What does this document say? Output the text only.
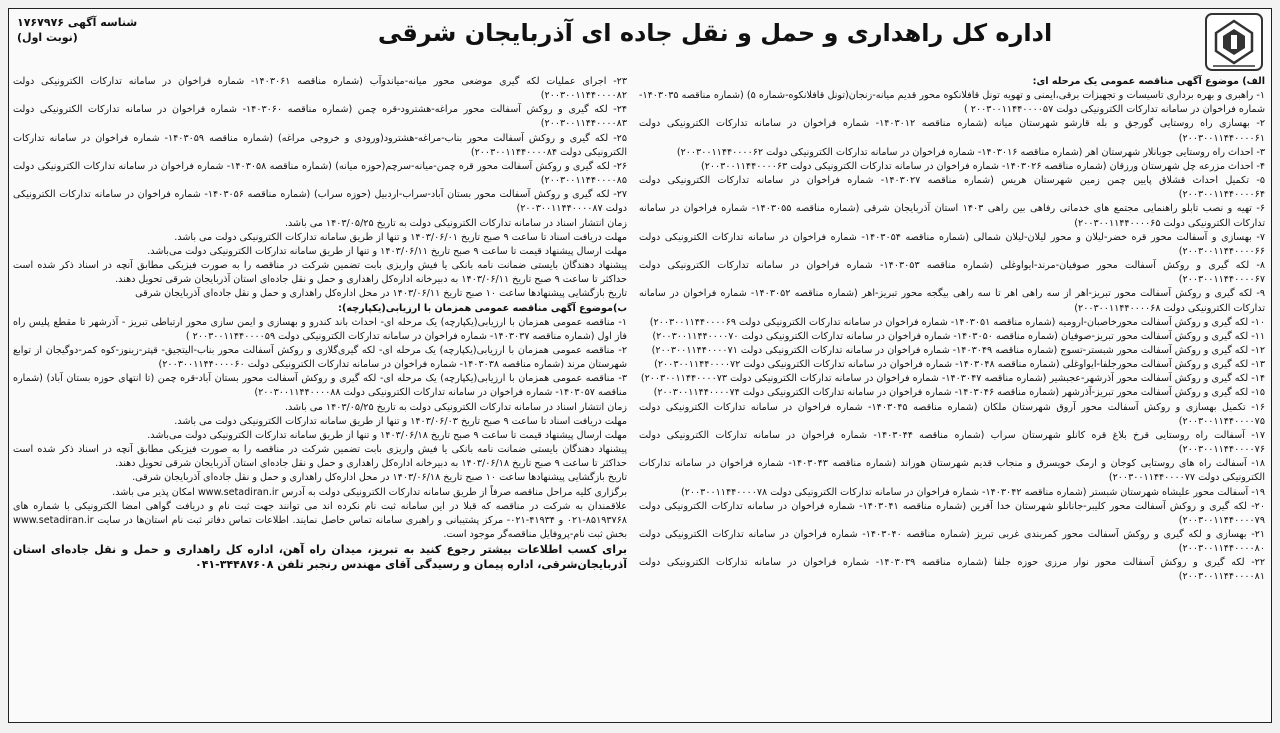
شناسه آگهی ۱۷۶۷۹۷۶
(نوبت اول)	اداره کل راهداری و حمل و نقل جاده ای آذربایجان شرقی

الف) موضوع آگهی مناقصه عمومی یک مرحله ای:

۱- راهبری و بهره برداری تاسیسات و تجهیزات برقی،ایمنی و تهویه تونل قافلانکوه محور قدیم میانه-زنجان(تونل قافلانکوه-شماره ۵) (شماره مناقصه ۱۴۰۳۰۳۵- شماره فراخوان در سامانه تدارکات الکترونیکی دولت ۲۰۰۳۰۰۱۱۴۴۰۰۰۰۵۷ )

۲- بهسازی راه روستایی گورجق و بله قارشو شهرستان میانه (شماره مناقصه ۱۴۰۳۰۱۲- شماره فراخوان در سامانه تدارکات الکترونیکی دولت ۲۰۰۳۰۰۱۱۴۴۰۰۰۰۶۱)

۳- احداث راه روستایی جوبانلار شهرستان اهر (شماره مناقصه ۱۴۰۳۰۱۶- شماره فراخوان در سامانه تدارکات الکترونیکی دولت ۲۰۰۳۰۰۱۱۴۴۰۰۰۰۶۲)

۴- احداث مزرعه چل شهرستان ورزقان (شماره مناقصه ۱۴۰۳۰۲۶- شماره فراخوان در سامانه تدارکات الکترونیکی دولت ۲۰۰۳۰۰۱۱۴۴۰۰۰۰۶۳)

۵- تکمیل احداث قشلاق پایین چمن زمین شهرستان هریس (شماره مناقصه ۱۴۰۳۰۲۷- شماره فراخوان در سامانه تدارکات الکترونیکی دولت ۲۰۰۳۰۰۱۱۴۴۰۰۰۰۶۴)

۶- تهیه و نصب تابلو راهنمایی مجتمع های خدماتی رفاهی بین راهی ۱۴۰۳ استان آذربایجان شرقی (شماره مناقصه ۱۴۰۳۰۵۵- شماره فراخوان در سامانه تدارکات الکترونیکی دولت ۲۰۰۳۰۰۱۱۴۴۰۰۰۰۶۵)

۷- بهسازی و آسفالت محور قره خضر-لیلان و محور لیلان-لیلان شمالی (شماره مناقصه ۱۴۰۳۰۵۴- شماره فراخوان در سامانه تدارکات الکترونیکی دولت ۲۰۰۳۰۰۱۱۴۴۰۰۰۰۶۶)

۸- لکه گیری و روکش آسفالت محور صوفیان-مرند-ایواوغلی (شماره مناقصه ۱۴۰۳۰۵۳- شماره فراخوان در سامانه تدارکات الکترونیکی دولت ۲۰۰۳۰۰۱۱۴۴۰۰۰۰۶۷)

۹- لکه گیری و روکش آسفالت محور تبریز-اهر از سه راهی اهر تا سه راهی بیگجه محور تبریز-اهر (شماره مناقصه ۱۴۰۳۰۵۲- شماره فراخوان در سامانه تدارکات الکترونیکی دولت ۲۰۰۳۰۰۱۱۴۴۰۰۰۰۶۸)

۱۰- لکه گیری و روکش آسفالت محورخاصبان-ارومیه (شماره مناقصه ۱۴۰۳۰۵۱- شماره فراخوان در سامانه تدارکات الکترونیکی دولت ۲۰۰۳۰۰۱۱۴۴۰۰۰۰۶۹)

۱۱- لکه گیری و روکش آسفالت محور تبریز-صوفیان (شماره مناقصه ۱۴۰۳۰۵۰- شماره فراخوان در سامانه تدارکات الکترونیکی دولت ۲۰۰۳۰۰۱۱۴۴۰۰۰۰۷۰)

۱۲- لکه گیری و روکش آسفالت محور شبستر-تسوج (شماره مناقصه ۱۴۰۳۰۴۹- شماره فراخوان در سامانه تدارکات الکترونیکی دولت ۲۰۰۳۰۰۱۱۴۴۰۰۰۰۷۱)

۱۳- لکه گیری و روکش آسفالت محورجلفا-ایواوغلی (شماره مناقصه ۱۴۰۳۰۴۸- شماره فراخوان در سامانه تدارکات الکترونیکی دولت ۲۰۰۳۰۰۱۱۴۴۰۰۰۰۷۲)

۱۴- لکه گیری و روکش آسفالت محور آذرشهر-عجبشیر (شماره مناقصه ۱۴۰۳۰۴۷- شماره فراخوان در سامانه تدارکات الکترونیکی دولت ۲۰۰۳۰۰۱۱۴۴۰۰۰۰۷۳)

۱۵- لکه گیری و روکش آسفالت محور تبریز-آذرشهر (شماره مناقصه ۱۴۰۳۰۴۶- شماره فراخوان در سامانه تدارکات الکترونیکی دولت ۲۰۰۳۰۰۱۱۴۴۰۰۰۰۷۴)

۱۶- تکمیل بهسازی و روکش آسفالت محور آروق شهرستان ملکان (شماره مناقصه ۱۴۰۳۰۴۵- شماره فراخوان در سامانه تدارکات الکترونیکی دولت ۲۰۰۳۰۰۱۱۴۴۰۰۰۰۷۵)

۱۷- آسفالت راه روستایی قرخ بلاغ قره کانلو شهرستان سراب (شماره مناقصه ۱۴۰۳۰۴۴- شماره فراخوان در سامانه تدارکات الکترونیکی دولت ۲۰۰۳۰۰۱۱۴۴۰۰۰۰۷۶)

۱۸- آسفالت راه های روستایی کوجان و ارمک خویسرق و منجاب قدیم شهرستان هوراند (شماره مناقصه ۱۴۰۳۰۴۳- شماره فراخوان در سامانه تدارکات الکترونیکی دولت ۲۰۰۳۰۰۱۱۴۴۰۰۰۰۷۷)

۱۹- آسفالت محور علیشاه شهرستان شبستر (شماره مناقصه ۱۴۰۳۰۴۲- شماره فراخوان در سامانه تدارکات الکترونیکی دولت ۲۰۰۳۰۰۱۱۴۴۰۰۰۰۷۸)

۲۰- لکه گیری و روکش آسفالت محور کلیبر-جانانلو شهرستان خدا آفرین (شماره مناقصه ۱۴۰۳۰۴۱- شماره فراخوان در سامانه تدارکات الکترونیکی دولت ۲۰۰۳۰۰۱۱۴۴۰۰۰۰۷۹)

۲۱- بهسازی و لکه گیری و روکش آسفالت محور کمربندی غربی تبریز (شماره مناقصه ۱۴۰۳۰۴۰- شماره فراخوان در سامانه تدارکات الکترونیکی دولت ۲۰۰۳۰۰۱۱۴۴۰۰۰۰۸۰)

۲۲- لکه گیری و روکش آسفالت محور نوار مرزی حوزه جلفا (شماره مناقصه ۱۴۰۳۰۳۹- شماره فراخوان در سامانه تدارکات الکترونیکی دولت ۲۰۰۳۰۰۱۱۴۴۰۰۰۰۸۱)

۲۳- اجرای عملیات لکه گیری موضعی محور میانه-میاندوآب (شماره مناقصه ۱۴۰۳۰۶۱- شماره فراخوان در سامانه تدارکات الکترونیکی دولت ۲۰۰۳۰۰۱۱۴۴۰۰۰۰۸۲)

۲۴- لکه گیری و روکش آسفالت محور مراغه-هشترود-قره چمن (شماره مناقصه ۱۴۰۳۰۶۰- شماره فراخوان در سامانه تدارکات الکترونیکی دولت ۲۰۰۳۰۰۱۱۴۴۰۰۰۰۸۳)

۲۵- لکه گیری و روکش آسفالت محور بناب-مراغه-هشترود(ورودی و خروجی مراغه) (شماره مناقصه ۱۴۰۳۰۵۹- شماره فراخوان در سامانه تدارکات الکترونیکی دولت ۲۰۰۳۰۰۱۱۴۴۰۰۰۰۸۴)

۲۶- لکه گیری و روکش آسفالت محور قره چمن-میانه-سرچم(حوزه میانه) (شماره مناقصه ۱۴۰۳۰۵۸- شماره فراخوان در سامانه تدارکات الکترونیکی دولت ۲۰۰۳۰۰۱۱۴۴۰۰۰۰۸۵)

۲۷- لکه گیری و روکش آسفالت محور بستان آباد-سراب-اردبیل (حوزه سراب) (شماره مناقصه ۱۴۰۳۰۵۶- شماره فراخوان در سامانه تدارکات الکترونیکی دولت ۲۰۰۳۰۰۱۱۴۴۰۰۰۰۸۷)

زمان انتشار اسناد در سامانه تدارکات الکترونیکی دولت به تاریخ ۱۴۰۳/۰۵/۲۵ می باشد.

مهلت دریافت اسناد تا ساعت ۹ صبح تاریخ ۱۴۰۳/۰۶/۰۱ و تنها از طریق سامانه تدارکات الکترونیکی دولت می باشد.

مهلت ارسال پیشنهاد قیمت تا ساعت ۹ صبح تاریخ ۱۴۰۳/۰۶/۱۱ و تنها از طریق سامانه تدارکات الکترونیکی دولت می‌باشد.

پیشنهاد دهندگان بایستی ضمانت نامه بانکی یا فیش واریزی بابت تضمین شرکت در مناقصه را به صورت فیزیکی مطابق آنچه در اسناد ذکر شده است حداکثر تا ساعت ۹ صبح تاریخ ۱۴۰۳/۰۶/۱۱ به دبیرخانه اداره‌کل راهداری و حمل و نقل جاده‌ای استان آذربایجان شرقی تحویل دهند.

تاریخ بازگشایی پیشنهادها ساعت ۱۰ صبح تاریخ ۱۴۰۳/۰۶/۱۱ در محل اداره‌کل راهداری و حمل و نقل جاده‌ای آذربایجان شرقی

ب)موضوع آگهی مناقصه عمومی همزمان با ارزیابی(یکپارچه):

۱- مناقصه عمومی همزمان با ارزیابی(یکپارچه) یک مرحله ای- احداث باند کندرو و بهسازی و ایمن سازی محور ارتباطی تبریز - آذرشهر تا مقطع پلیس راه فاز اول (شماره مناقصه ۱۴۰۳۰۳۷- شماره فراخوان در سامانه تدارکات الکترونیکی دولت ۲۰۰۳۰۰۱۱۴۴۰۰۰۰۵۹ )

۲- مناقصه عمومی همزمان با ارزیابی(یکپارچه) یک مرحله ای- لکه گیری‌گلازی و روکش آسفالت محور بناب-الیتجیق- قپتر-زینوز-کوه کمر-دوگیجان از توابع شهرستان مرند (شماره مناقصه ۱۴۰۳۰۳۸- شماره فراخوان در سامانه تدارکات الکترونیکی دولت ۲۰۰۳۰۰۱۱۴۴۰۰۰۰۶۰)

۳- مناقصه عمومی همزمان با ارزیابی(یکپارچه) یک مرحله ای- لکه گیری و روکش آسفالت محور بستان آباد-قره چمن (تا انتهای حوزه بستان آباد) (شماره مناقصه ۱۴۰۳۰۵۷- شماره فراخوان در سامانه تدارکات الکترونیکی دولت ۲۰۰۳۰۰۱۱۴۴۰۰۰۰۸۸)

زمان انتشار اسناد در سامانه تدارکات الکترونیکی دولت به تاریخ ۱۴۰۳/۰۵/۲۵ می باشد.

مهلت دریافت اسناد تا ساعت ۹ صبح تاریخ ۱۴۰۳/۰۶/۰۳ و تنها از طریق سامانه تدارکات الکترونیکی دولت می باشد.

مهلت ارسال پیشنهاد قیمت تا ساعت ۹ صبح تاریخ ۱۴۰۳/۰۶/۱۸ و تنها از طریق سامانه تدارکات الکترونیکی دولت می‌باشد.

پیشنهاد دهندگان بایستی ضمانت نامه بانکی یا فیش واریزی بابت تضمین شرکت در مناقصه را به صورت فیزیکی مطابق آنچه در اسناد ذکر شده است حداکثر تا ساعت ۹ صبح تاریخ ۱۴۰۳/۰۶/۱۸ به دبیرخانه اداره‌کل راهداری و حمل و نقل جاده‌ای استان آذربایجان شرقی تحویل دهند.

تاریخ بازگشایی پیشنهادها ساعت ۱۰ صبح تاریخ ۱۴۰۳/۰۶/۱۸ در محل اداره‌کل راهداری و حمل و نقل جاده‌ای آذربایجان شرقی.

برگزاری کلیه مراحل مناقصه صرفاً از طریق سامانه تدارکات الکترونیکی دولت به آدرس www.setadiran.ir امکان پذیر می باشد.

علاقمندان به شرکت در مناقصه که قبلا در این سامانه ثبت نام نکرده اند می توانند جهت ثبت نام و دریافت گواهی امضا الکترونیکی با شماره های ۸۵۱۹۳۷۶۸-۰۲۱ و ۴۱۹۳۴-۰۲۱- مرکز پشتیبانی و راهبری سامانه تماس حاصل نمایند. اطلاعات تماس دفاتر ثبت نام استان‌ها در سایت www.setadiran.ir بخش ثبت نام-پروفایل مناقصه‌گر موجود است.

برای کسب اطلاعات بیشتر رجوع کنید به تبریز، میدان راه آهن، اداره کل راهداری و حمل و نقل جاده‌ای استان آذربایجان‌شرقی، اداره پیمان و رسیدگی آقای مهندس رنجبر تلفن ۳۴۴۸۷۶۰۸-۰۴۱
